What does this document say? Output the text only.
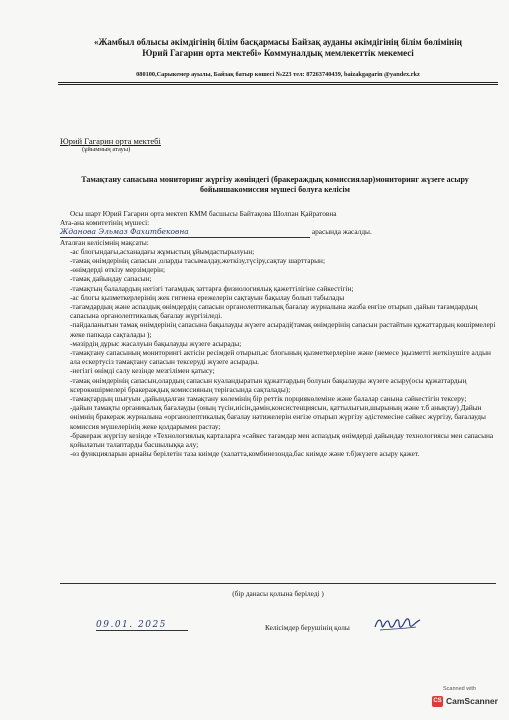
«Жамбыл облысы әкімдігінің білім басқармасы Байзақ ауданы әкімдігінің білім бөлімінің
Юрий Гагарин орта мектебі» Коммуналдық мемлекеттік мекемесі
080100,Сарыкемер ауылы, Байзақ батыр көшесі №223 тел: 87263740439, baizakgagarin @yandex.rkz
Юрий Гагарин орта мектебі
(ұйымның атауы)
Тамақтану сапасына мониторинг жүргізу жөніндегі (бракераждық комиссиялар)мониторинг жүзеге асыру бойыншакомиссия мүшесі болуға келісім

Осы шарт Юрий Гагарин орта мектеп КММ басшысы Байтақова Шолпан Қайратовна

Ата-ана комитетінің мүшесі:

Жданова Эльмаз Фахитбековна	арасында жасалды.

Аталған келісімнің мақсаты:

-ас блогындағы,асханадағы жұмыстың ұйымдастырылуын;

-тамақ өнімдерінің сапасын ,оларды тасымалдау,жеткізу,түсіру,сақтау шарттарын;

-өнімдерді өткізу мерзімдерін;

-тамақ дайындау сапасын;

-тамақтың балалардың негізгі тағамдық заттарға физиологиялық қажеттілігіне сәйкестігін;

-ас блогы қызметкерлерінің жек гигиена ережелерін сақтауын бақылау болып табылады

-тағамдардың және аспаздық өнімдердің сапасын органолептикалық бағалау журналына жазба енгізе отырып ,дайын тағамдардың сапасына органолептикалық бағалау жүргізіледі.

-пайдаланытын тамақ өнімдерінің сапасына бақылауды жүзеге асыраді(тамақ өнімдерінің сапасын растайтын құжаттардың көшірмелері жеке папкада сақталады );

-мәзірдің дұрыс жасалуын бақылауды жүзеге асырады;

-тамақтану сапасының мониторингі актісін ресімдей отырып,ас блогының қызметкерлеріне және (немесе )қызметті жеткізушіге алдын ала ескертусіз тамақтану сапасын тексеруді жүзеге асырады.

-негізгі өнімді салу кезінде мезгілімен қатысу;

-тамақ өнімдерінің сапасын,олардың сапасын куәландыратын құжаттардың болуын бақылауды жүзеге асыру(осы құжаттардың ксерокөшірмелері бракераждық комиссияның теріғасында сақталады);

-тамақтардың шығуын ,дайындалған тамақтану көлемінің бір реттік порциякөлеміне және балалар санына сәйкестігін тексеру;

-дайын тамақты органикалық бағалауды (оның түсін,иісін,дәмін,консистенциясын, қаттылығын,шырының және т.б анықтау) Дайын өнімнің бракераж журналына «органолептикалық бағалау нәтижелерін енгізе отырып жүргізу әдістемесіне сәйкес жүргізу, бағалауды комиссия мүшелерінің жеке қолдарымен растау;

-бракераж жүргізу кезінде «Технологиялық карталарға »сәйкес тағамдар мен аспаздық өнімдерді дайындау технологиясы мен сапасына қойылатын талаптарды басшылыққа алу;

-өз функцияларын арнайы берілетін таза киімде (халатта,комбинезонда,бас киімде және т.б)жүзеге асыру қажет.

(бір данасы қолына беріледі )
09.01. 2025	Келісімдер берушінің қолы
Scanned with
CS CamScanner
